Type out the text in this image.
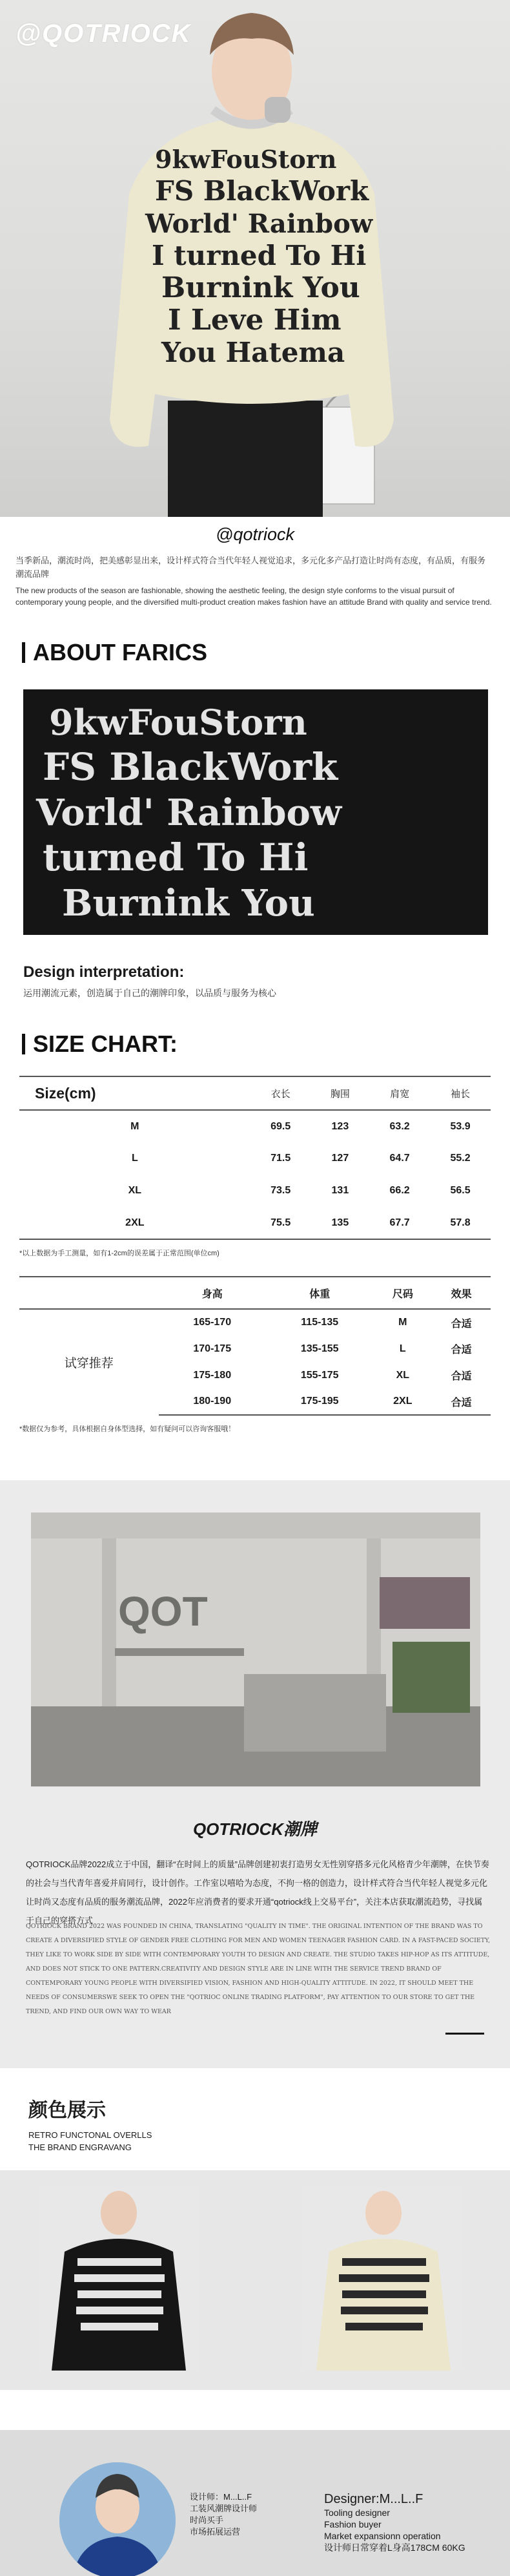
@QOTRIOCK
9kwFouStorn
FS BlackWork
World' Rainbow
I turned To Hi
Burnink You
I Leve Him
You Hatema
@qotriock

当季新品，潮流时尚，把美感彰显出来，设计样式符合当代年轻人视觉追求，多元化多产品打造让时尚有态度，有品质，有服务潮流品牌

The new products of the season are fashionable, showing the aesthetic feeling, the design style conforms to the visual pursuit of contemporary young people, and the diversified multi-product creation makes fashion have an attitude Brand with quality and service trend.

ABOUT FARICS
9kwFouStorn
FS BlackWork
Vorld' Rainbow
turned To Hi
Burnink You
Design interpretation:
运用潮流元素，创造属于自己的潮牌印象，以品质与服务为核心
SIZE CHART:
Size(cm)	衣长	胸围	肩宽	袖长
M	69.5	123	63.2	53.9
L	71.5	127	64.7	55.2
XL	73.5	131	66.2	56.5
2XL	75.5	135	67.7	57.8
*以上数据为手工测量，如有1-2cm的误差属于正常范围(单位cm)
	身高	体重	尺码	效果
试穿推荐	165-170	115-135	M	合适
	170-175	135-155	L	合适
	175-180	155-175	XL	合适
	180-190	175-195	2XL	合适
*数据仅为参考，具体根据自身体型选择，如有疑问可以咨询客服哦！
QOT
QOTRIOCK潮牌

QOTRIOCK品牌2022成立于中国，翻译“在时间上的质量”品牌创建初衷打造男女无性别穿搭多元化风格青少年潮牌，在快节奏的社会与当代青年喜爱并肩同行，设计创作。工作室以嘻哈为态度，不拘一格的创造力，设计样式符合当代年轻人视觉多元化让时尚又态度有品质的服务潮流品牌，2022年应消费者的要求开通“qotriock线上交易平台”，关注本店获取潮流趋势，寻找属于自己的穿搭方式

QOTRIOCK BRAND 2022 WAS FOUNDED IN CHINA, TRANSLATING "QUALITY IN TIME". THE ORIGINAL INTENTION OF THE BRAND WAS TO CREATE A DIVERSIFIED STYLE OF GENDER FREE CLOTHING FOR MEN AND WOMEN TEENAGER FASHION CARD. IN A FAST-PACED SOCIETY, THEY LIKE TO WORK SIDE BY SIDE WITH CONTEMPORARY YOUTH TO DESIGN AND CREATE. THE STUDIO TAKES HIP-HOP AS ITS ATTITUDE, AND DOES NOT STICK TO ONE PATTERN.CREATIVITY AND DESIGN STYLE ARE IN LINE WITH THE SERVICE TREND BRAND OF CONTEMPORARY YOUNG PEOPLE WITH DIVERSIFIED VISION, FASHION AND HIGH-QUALITY ATTITUDE. IN 2022, IT SHOULD MEET THE NEEDS OF CONSUMERSWE SEEK TO OPEN THE "QOTRIOC ONLINE TRADING PLATFORM", PAY ATTENTION TO OUR STORE TO GET THE TREND, AND FIND OUR OWN WAY TO WEAR

颜色展示
RETRO FUNCTONAL OVERLLS
THE BRAND ENGRAVANG
设计师：M...L..F
工装风潮牌设计师
时尚买手
市场拓展运营
Designer:M...L..F
Tooling designer
Fashion buyer
Market expansionn operation
设计师日常穿着L身高178CM 60KG
